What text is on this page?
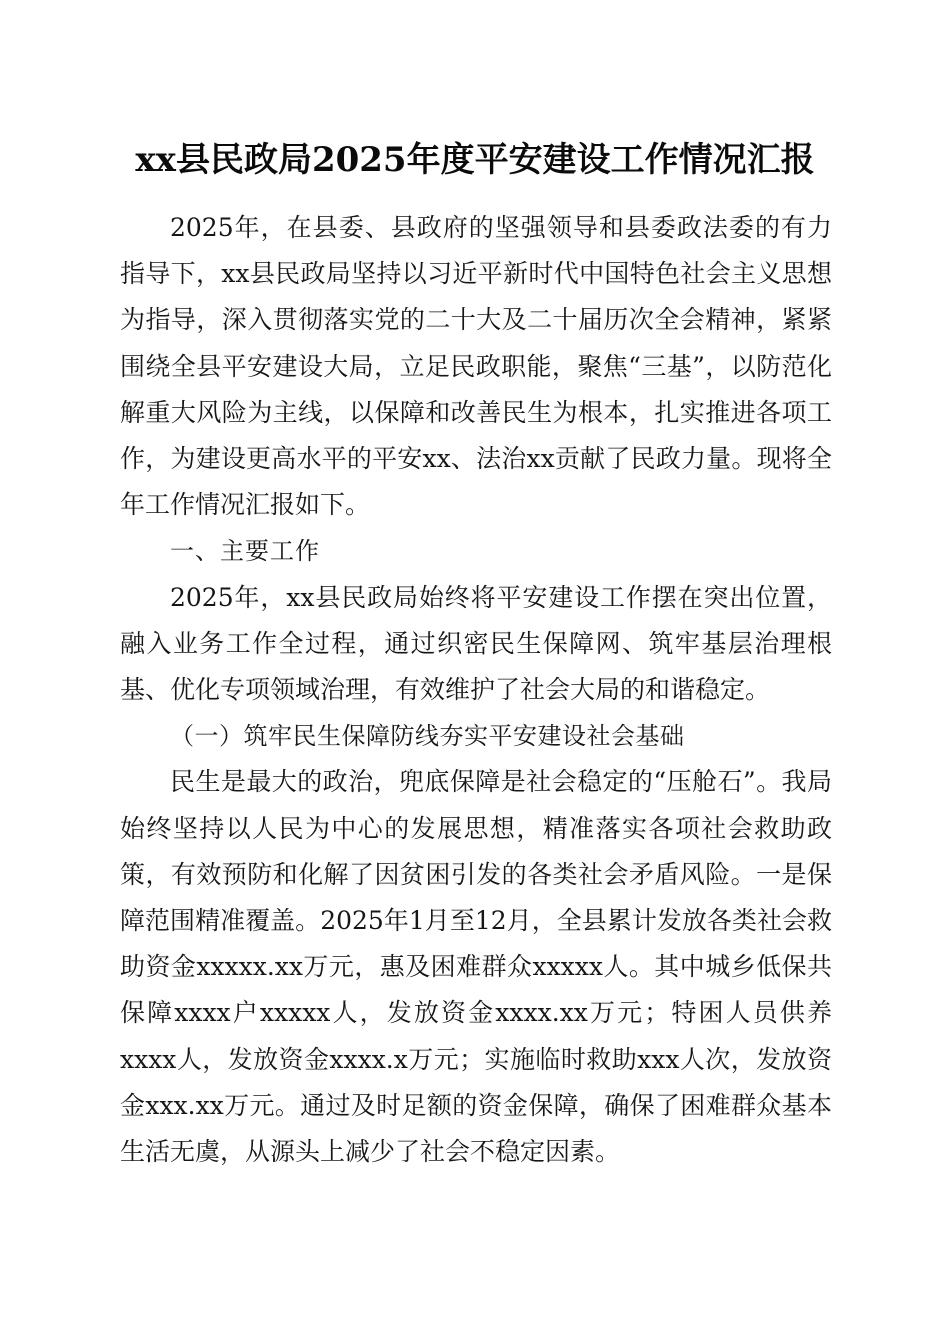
xx县民政局2025年度平安建设工作情况汇报

2025年，在县委、县政府的坚强领导和县委政法委的有力指导下，xx县民政局坚持以习近平新时代中国特色社会主义思想为指导，深入贯彻落实党的二十大及二十届历次全会精神，紧紧围绕全县平安建设大局，立足民政职能，聚焦“三基”，以防范化解重大风险为主线，以保障和改善民生为根本，扎实推进各项工作，为建设更高水平的平安xx、法治xx贡献了民政力量。现将全年工作情况汇报如下。

一、主要工作

2025年，xx县民政局始终将平安建设工作摆在突出位置，融入业务工作全过程，通过织密民生保障网、筑牢基层治理根基、优化专项领域治理，有效维护了社会大局的和谐稳定。

（一）筑牢民生保障防线夯实平安建设社会基础

民生是最大的政治，兜底保障是社会稳定的“压舱石”。我局始终坚持以人民为中心的发展思想，精准落实各项社会救助政策，有效预防和化解了因贫困引发的各类社会矛盾风险。一是保障范围精准覆盖。2025年1月至12月，全县累计发放各类社会救助资金xxxxx.xx万元，惠及困难群众xxxxx人。其中城乡低保共保障xxxx户xxxxx人，发放资金xxxx.xx万元；特困人员供养xxxx人，发放资金xxxx.x万元；实施临时救助xxx人次，发放资金xxx.xx万元。通过及时足额的资金保障，确保了困难群众基本生活无虞，从源头上减少了社会不稳定因素。
